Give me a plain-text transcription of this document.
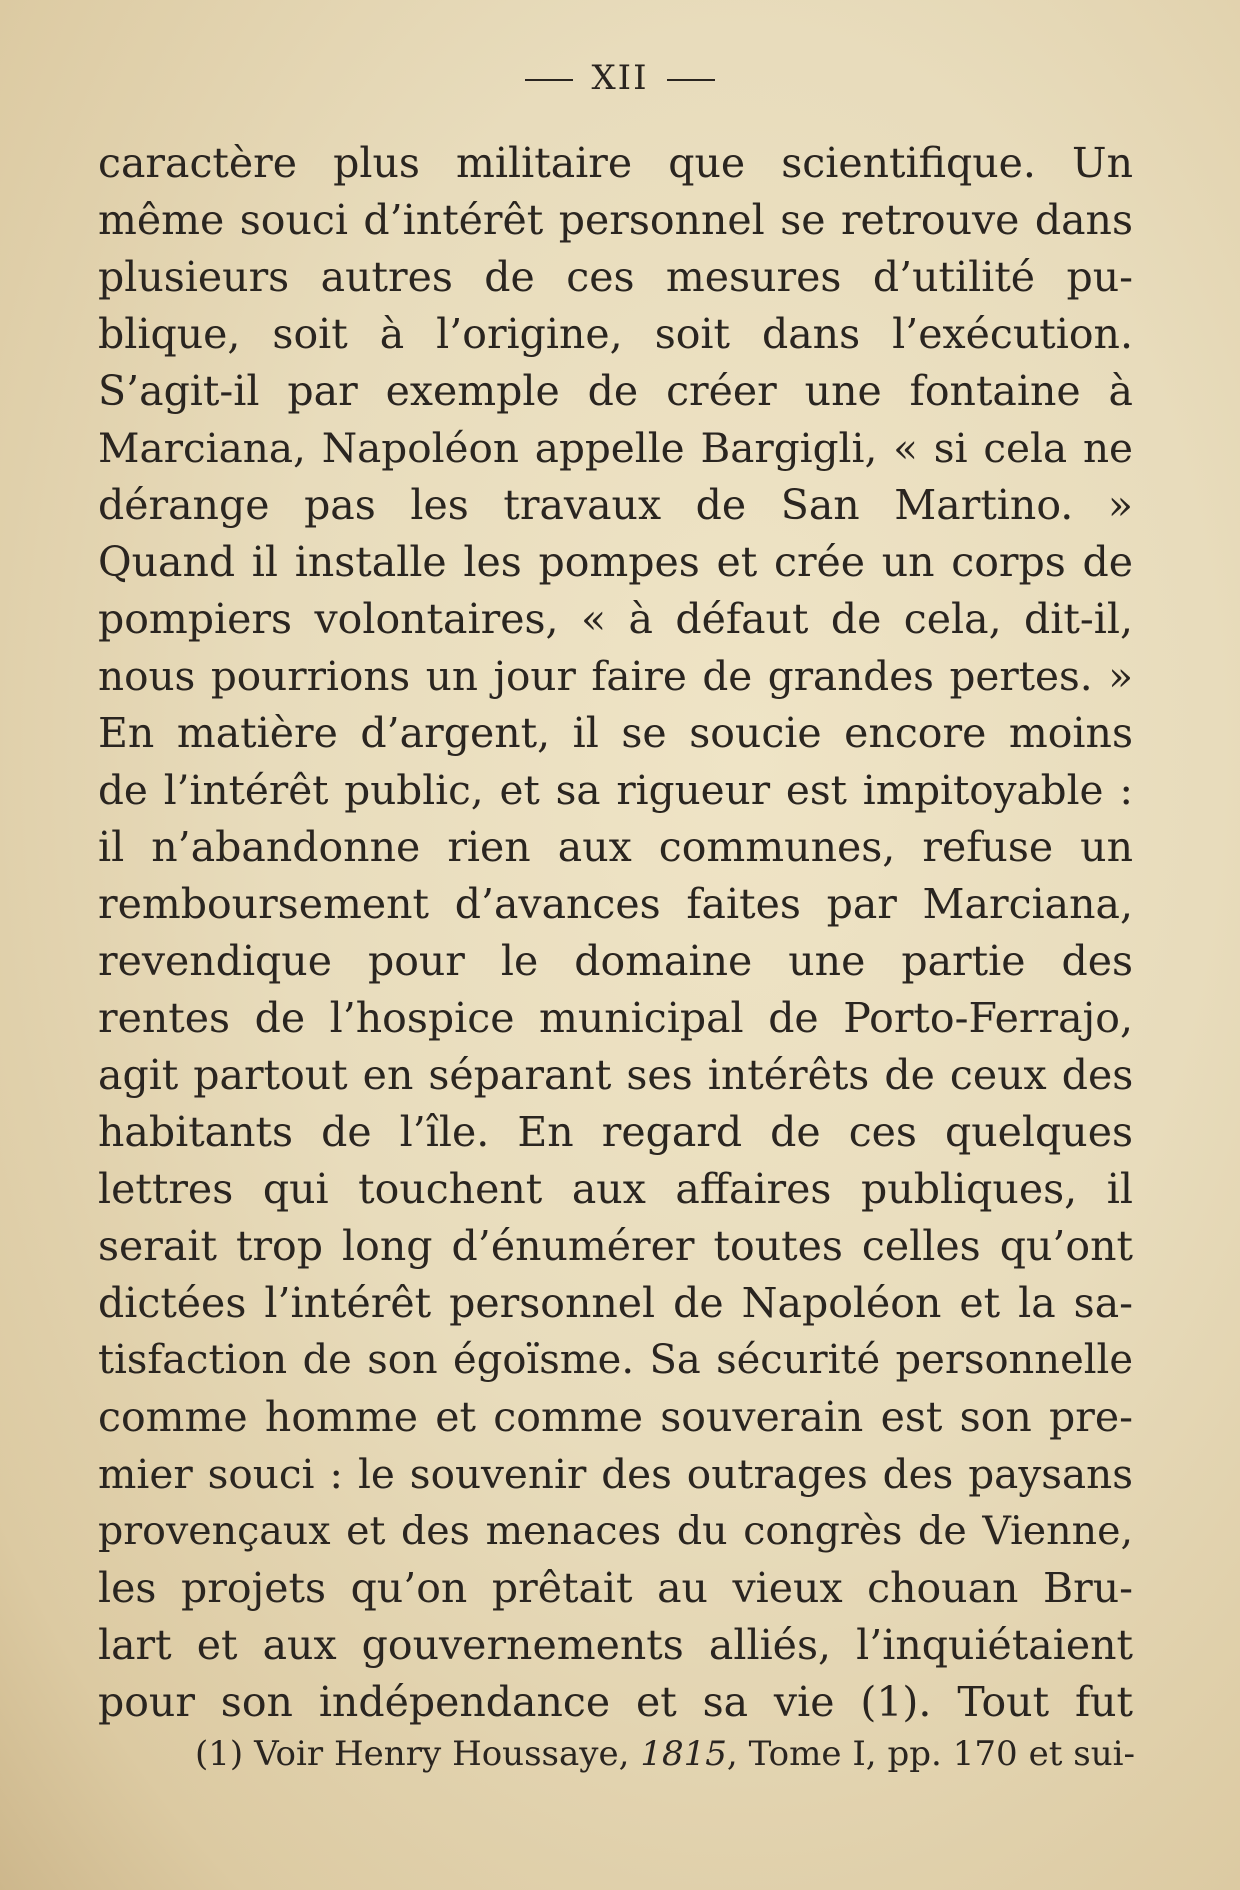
XII
caractère plus militaire que scientifique. Un
même souci d’intérêt personnel se retrouve dans
plusieurs autres de ces mesures d’utilité pu-
blique, soit à l’origine, soit dans l’exécution.
S’agit-il par exemple de créer une fontaine à
Marciana, Napoléon appelle Bargigli, « si cela ne
dérange pas les travaux de San Martino. »
Quand il installe les pompes et crée un corps de
pompiers volontaires, « à défaut de cela, dit-il,
nous pourrions un jour faire de grandes pertes. »
En matière d’argent, il se soucie encore moins
de l’intérêt public, et sa rigueur est impitoyable :
il n’abandonne rien aux communes, refuse un
remboursement d’avances faites par Marciana,
revendique pour le domaine une partie des
rentes de l’hospice municipal de Porto-Ferrajo,
agit partout en séparant ses intérêts de ceux des
habitants de l’île. En regard de ces quelques
lettres qui touchent aux affaires publiques, il
serait trop long d’énumérer toutes celles qu’ont
dictées l’intérêt personnel de Napoléon et la sa-
tisfaction de son égoïsme. Sa sécurité personnelle
comme homme et comme souverain est son pre-
mier souci : le souvenir des outrages des paysans
provençaux et des menaces du congrès de Vienne,
les projets qu’on prêtait au vieux chouan Bru-
lart et aux gouvernements alliés, l’inquiétaient
pour son indépendance et sa vie (1). Tout fut
(1) Voir Henry Houssaye, 1815, Tome I, pp. 170 et sui-
